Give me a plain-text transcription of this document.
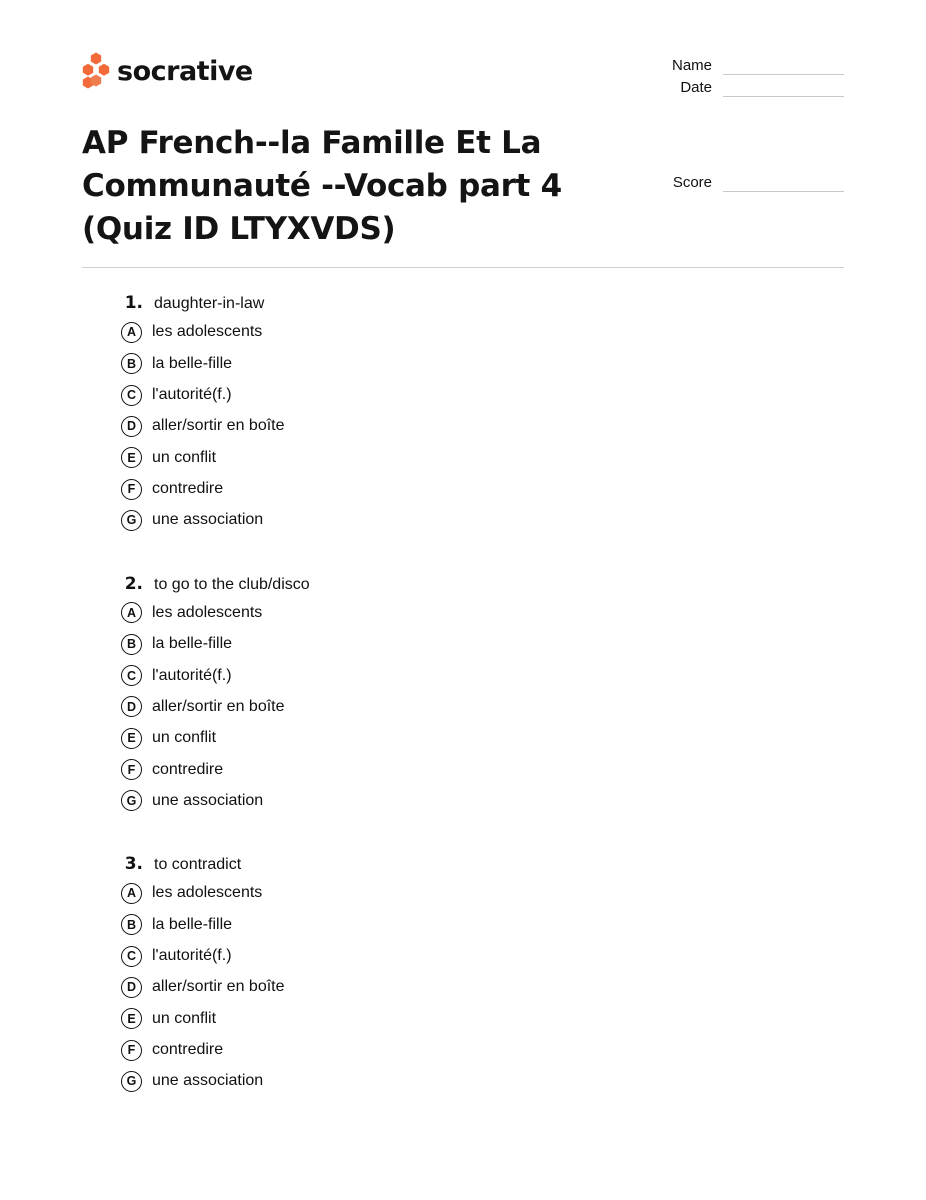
socrative	Name
Date
Score
AP French--la Famille Et La Communauté --Vocab part 4 (Quiz ID LTYXVDS)
1. daughter-in-law
A les adolescents
B la belle-fille
C l'autorité(f.)
D aller/sortir en boîte
E	un conflit
F	contredire
G une association
2. to go to the club/disco
A les adolescents
B la belle-fille
C l'autorité(f.)
D aller/sortir en boîte
E	un conflit
F	contredire
G une association
3. to contradict
A les adolescents
B la belle-fille
C l'autorité(f.)
D aller/sortir en boîte
E	un conflit
F	contredire
G une association
